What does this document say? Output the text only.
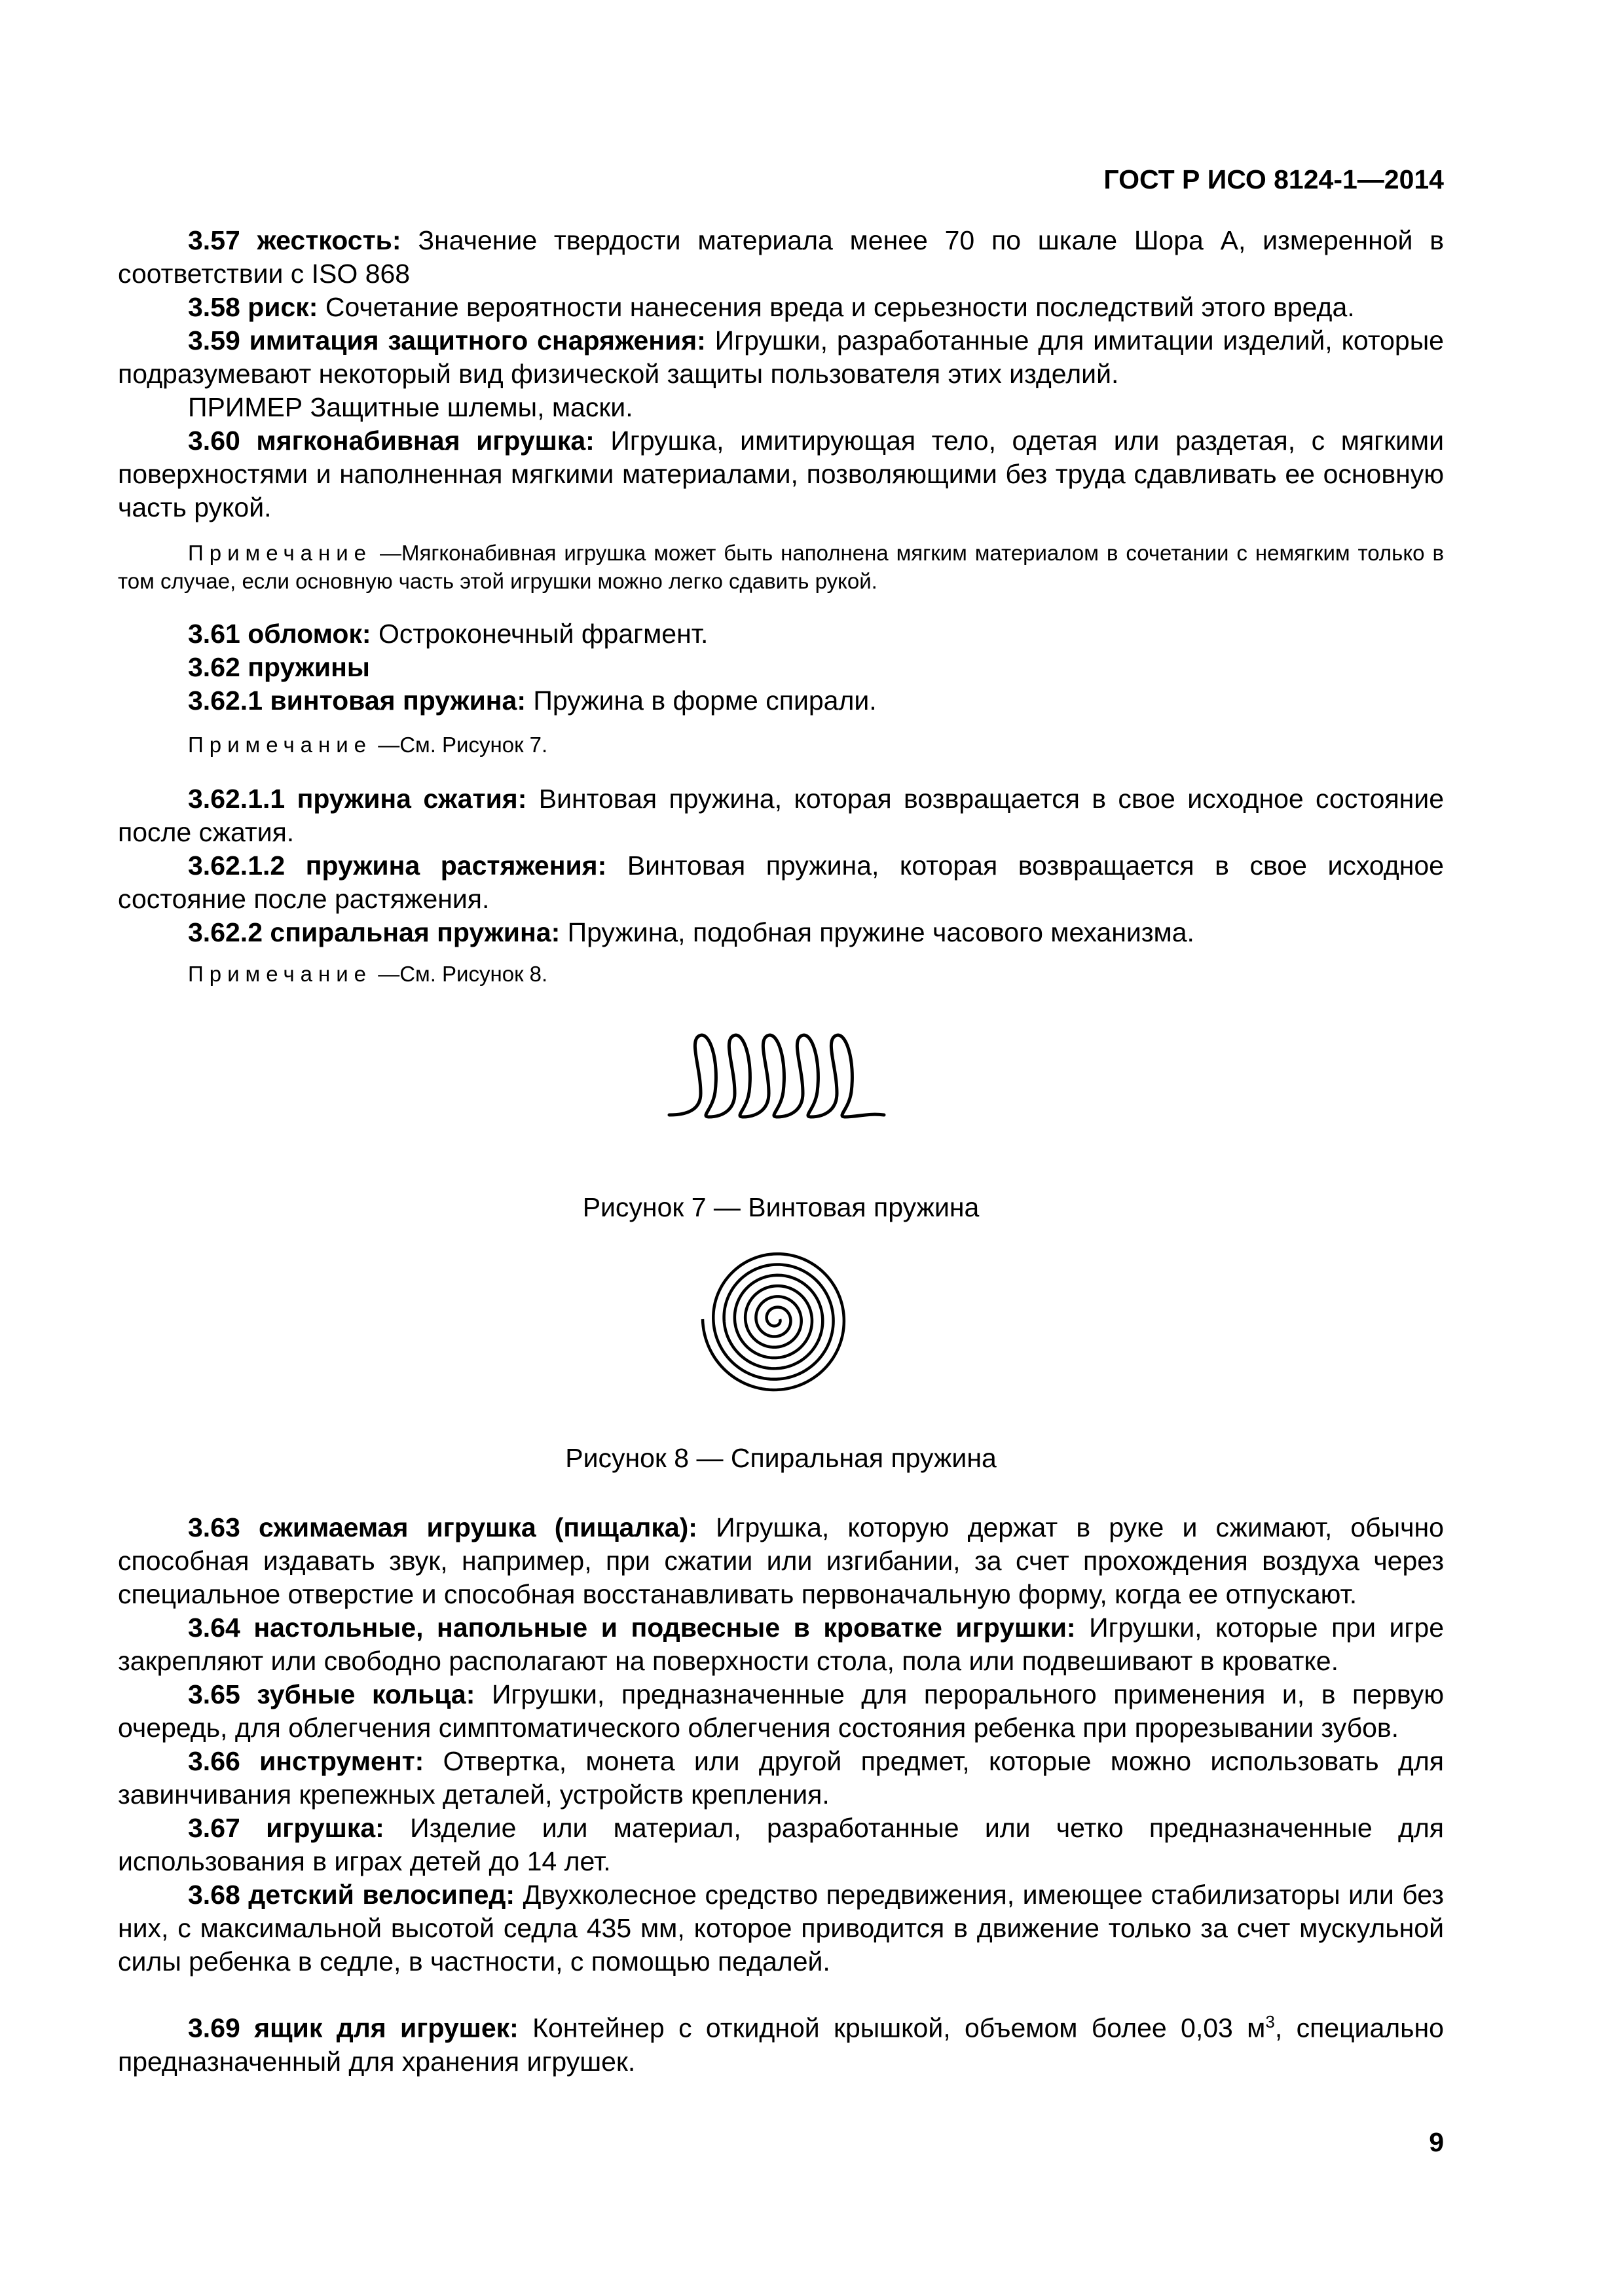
ГОСТ Р ИСО 8124-1—2014

3.57 жесткость: Значение твердости материала менее 70 по шкале Шора А, измеренной в соответствии с ISO 868

3.58 риск: Сочетание вероятности нанесения вреда и серьезности последствий этого вреда.

3.59 имитация защитного снаряжения: Игрушки, разработанные для имитации изделий, которые подразумевают некоторый вид физической защиты пользователя этих изделий.

ПРИМЕР Защитные шлемы, маски.

3.60 мягконабивная игрушка: Игрушка, имитирующая тело, одетая или раздетая, с мягкими поверхностями и наполненная мягкими материалами, позволяющими без труда сдавливать ее основную часть рукой.

Примечание —Мягконабивная игрушка может быть наполнена мягким материалом в сочетании с немягким только в том случае, если основную часть этой игрушки можно легко сдавить рукой.

3.61 обломок: Остроконечный фрагмент.

3.62 пружины

3.62.1 винтовая пружина: Пружина в форме спирали.

Примечание —См. Рисунок 7.

3.62.1.1 пружина сжатия: Винтовая пружина, которая возвращается в свое исходное состояние после сжатия.

3.62.1.2 пружина растяжения: Винтовая пружина, которая возвращается в свое исходное состояние после растяжения.

3.62.2 спиральная пружина: Пружина, подобная пружине часового механизма.

Примечание —См. Рисунок 8.

Рисунок 7 — Винтовая пружина
Рисунок 8 — Спиральная пружина

3.63 сжимаемая игрушка (пищалка): Игрушка, которую держат в руке и сжимают, обычно способная издавать звук, например, при сжатии или изгибании, за счет прохождения воздуха через специальное отверстие и способная восстанавливать первоначальную форму, когда ее отпускают.

3.64 настольные, напольные и подвесные в кроватке игрушки: Игрушки, которые при игре закрепляют или свободно располагают на поверхности стола, пола или подвешивают в кроватке.

3.65 зубные кольца: Игрушки, предназначенные для перорального применения и, в первую очередь, для облегчения симптоматического облегчения состояния ребенка при прорезывании зубов.

3.66 инструмент: Отвертка, монета или другой предмет, которые можно использовать для завинчивания крепежных деталей, устройств крепления.

3.67 игрушка: Изделие или материал, разработанные или четко предназначенные для использования в играх детей до 14 лет.

3.68 детский велосипед: Двухколесное средство передвижения, имеющее стабилизаторы или без них, с максимальной высотой седла 435 мм, которое приводится в движение только за счет мускульной силы ребенка в седле, в частности, с помощью педалей.

3.69 ящик для игрушек: Контейнер с откидной крышкой, объемом более 0,03 $м^3$, специально предназначенный для хранения игрушек.

9
